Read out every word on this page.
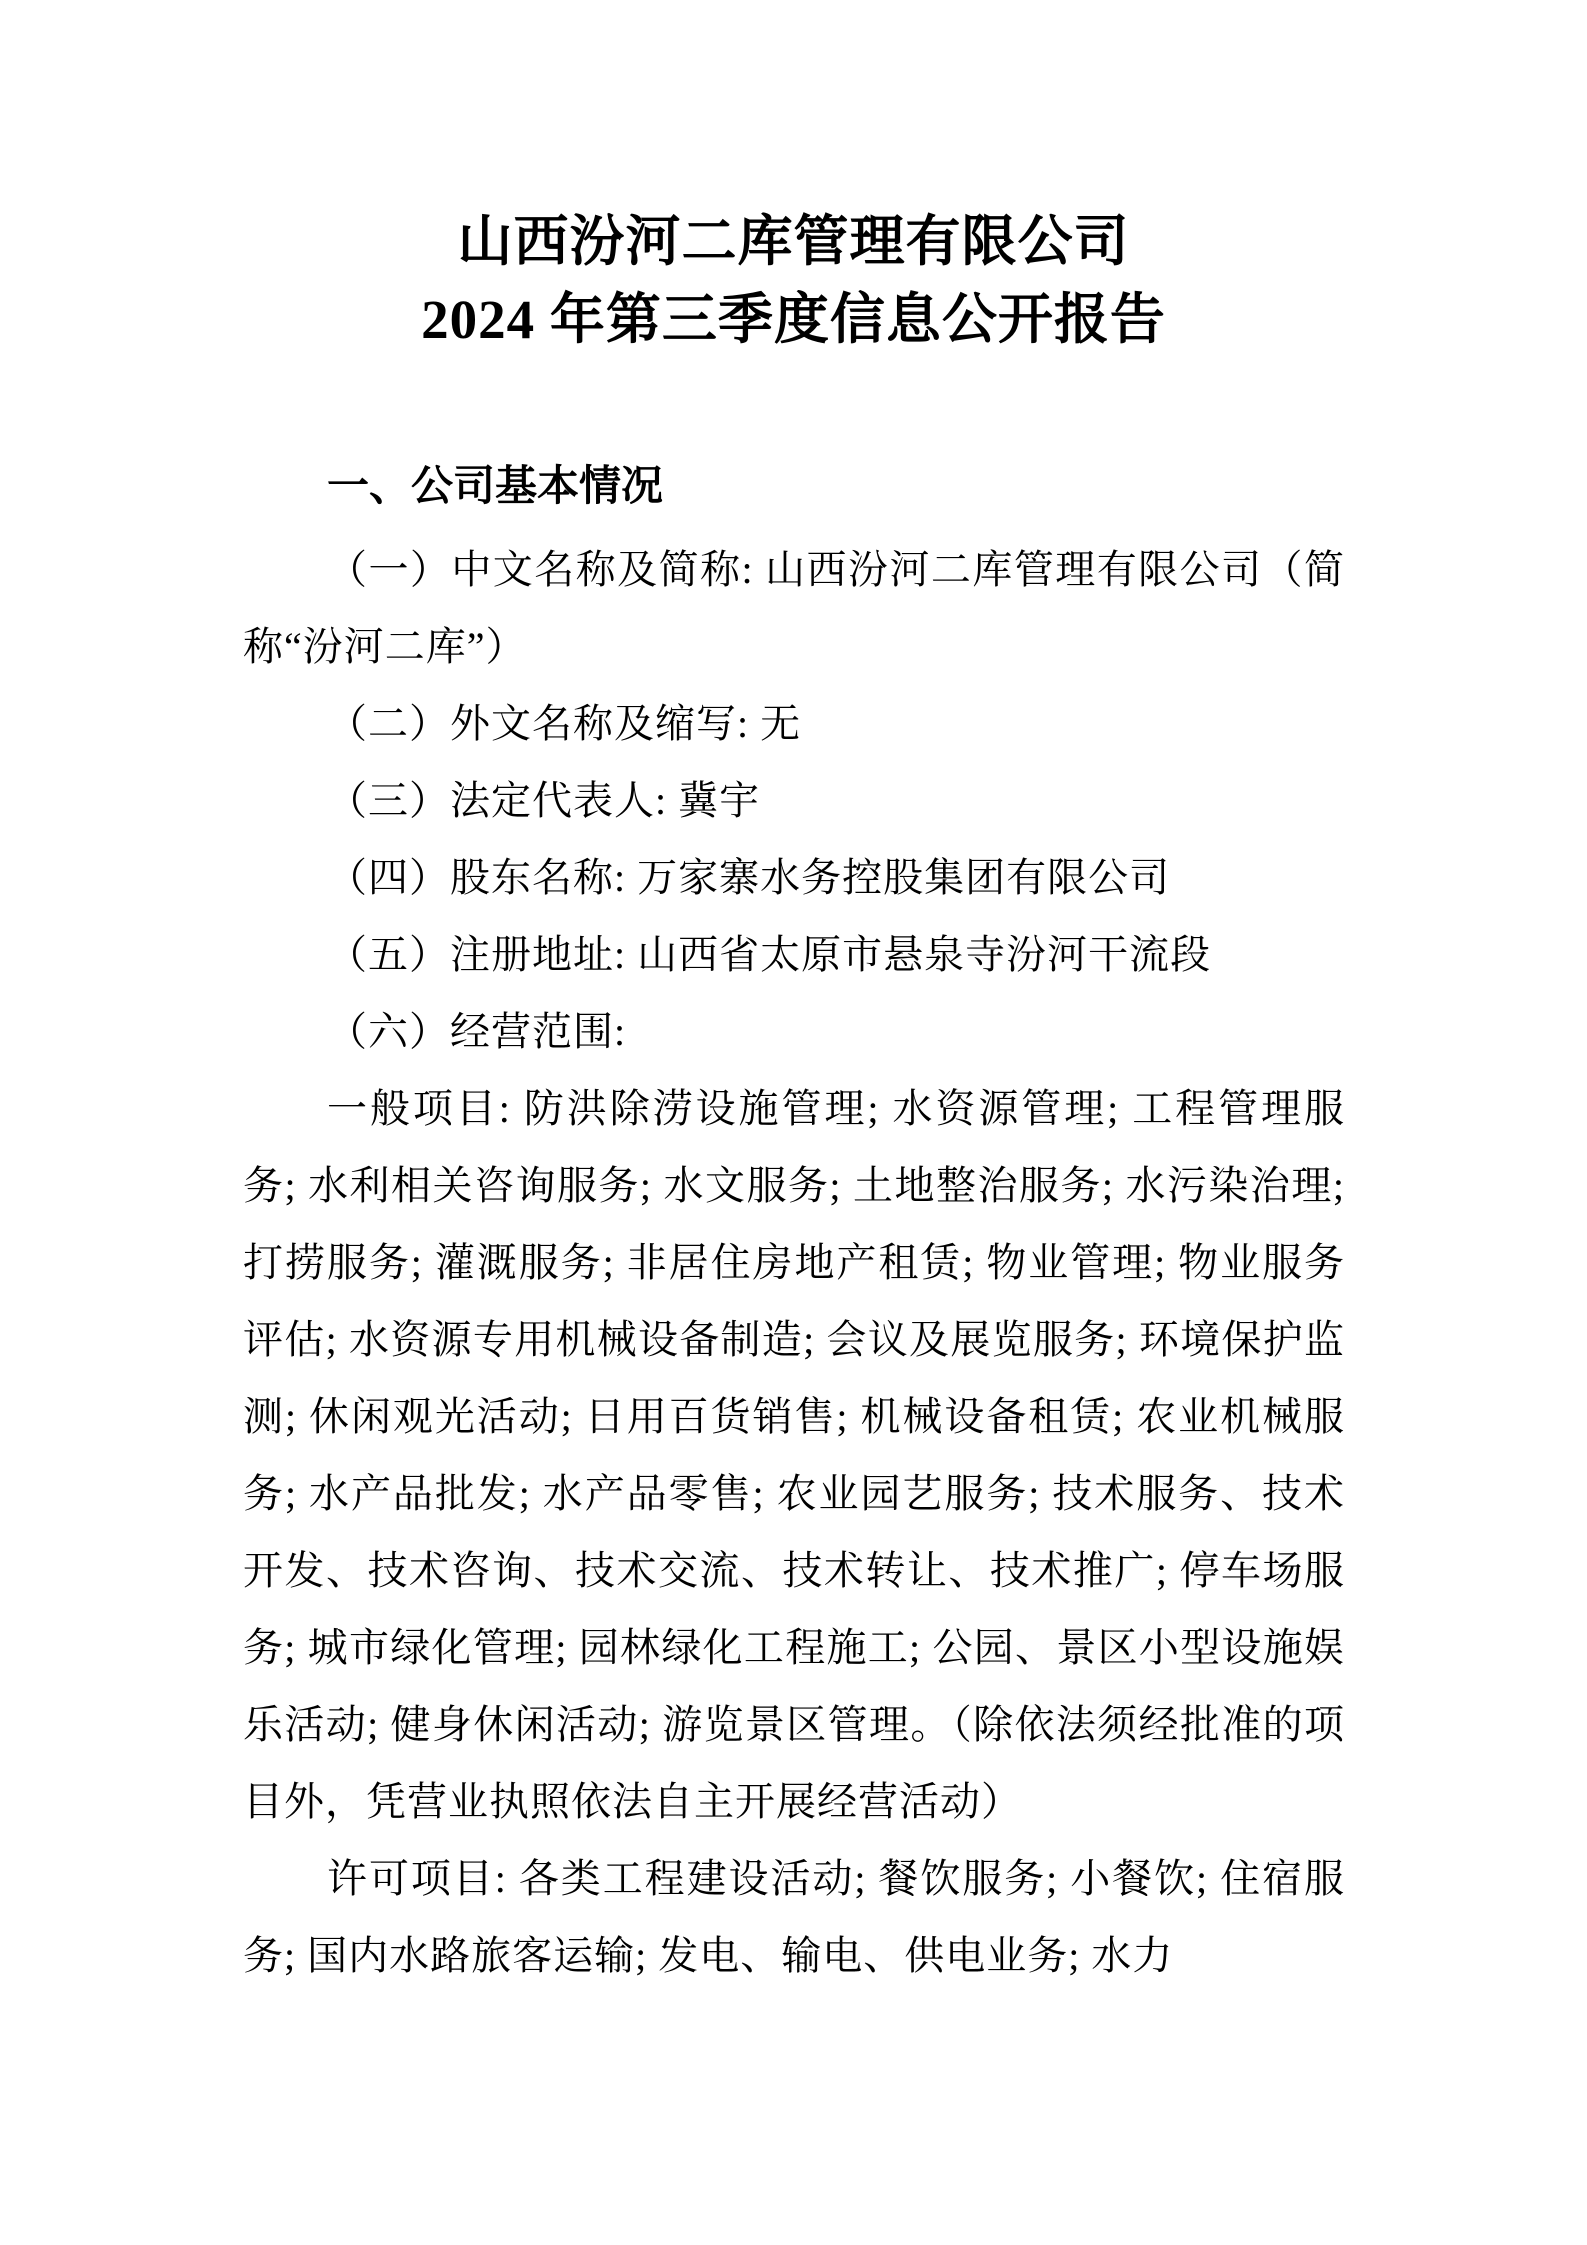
山西汾河二库管理有限公司
2024 年第三季度信息公开报告
一、公司基本情况

（一）中文名称及简称: 山西汾河二库管理有限公司（简称“汾河二库”）

（二）外文名称及缩写: 无

（三）法定代表人: 冀宇

（四）股东名称: 万家寨水务控股集团有限公司

（五）注册地址: 山西省太原市悬泉寺汾河干流段

（六）经营范围:

一般项目: 防洪除涝设施管理; 水资源管理; 工程管理服务; 水利相关咨询服务; 水文服务; 土地整治服务; 水污染治理; 打捞服务; 灌溉服务; 非居住房地产租赁; 物业管理; 物业服务评估; 水资源专用机械设备制造; 会议及展览服务; 环境保护监测; 休闲观光活动; 日用百货销售; 机械设备租赁; 农业机械服务; 水产品批发; 水产品零售; 农业园艺服务; 技术服务、技术开发、技术咨询、技术交流、技术转让、技术推广; 停车场服务; 城市绿化管理; 园林绿化工程施工; 公园、景区小型设施娱乐活动; 健身休闲活动; 游览景区管理。（除依法须经批准的项目外，凭营业执照依法自主开展经营活动）

许可项目: 各类工程建设活动; 餐饮服务; 小餐饮; 住宿服务; 国内水路旅客运输; 发电、输电、供电业务; 水力
